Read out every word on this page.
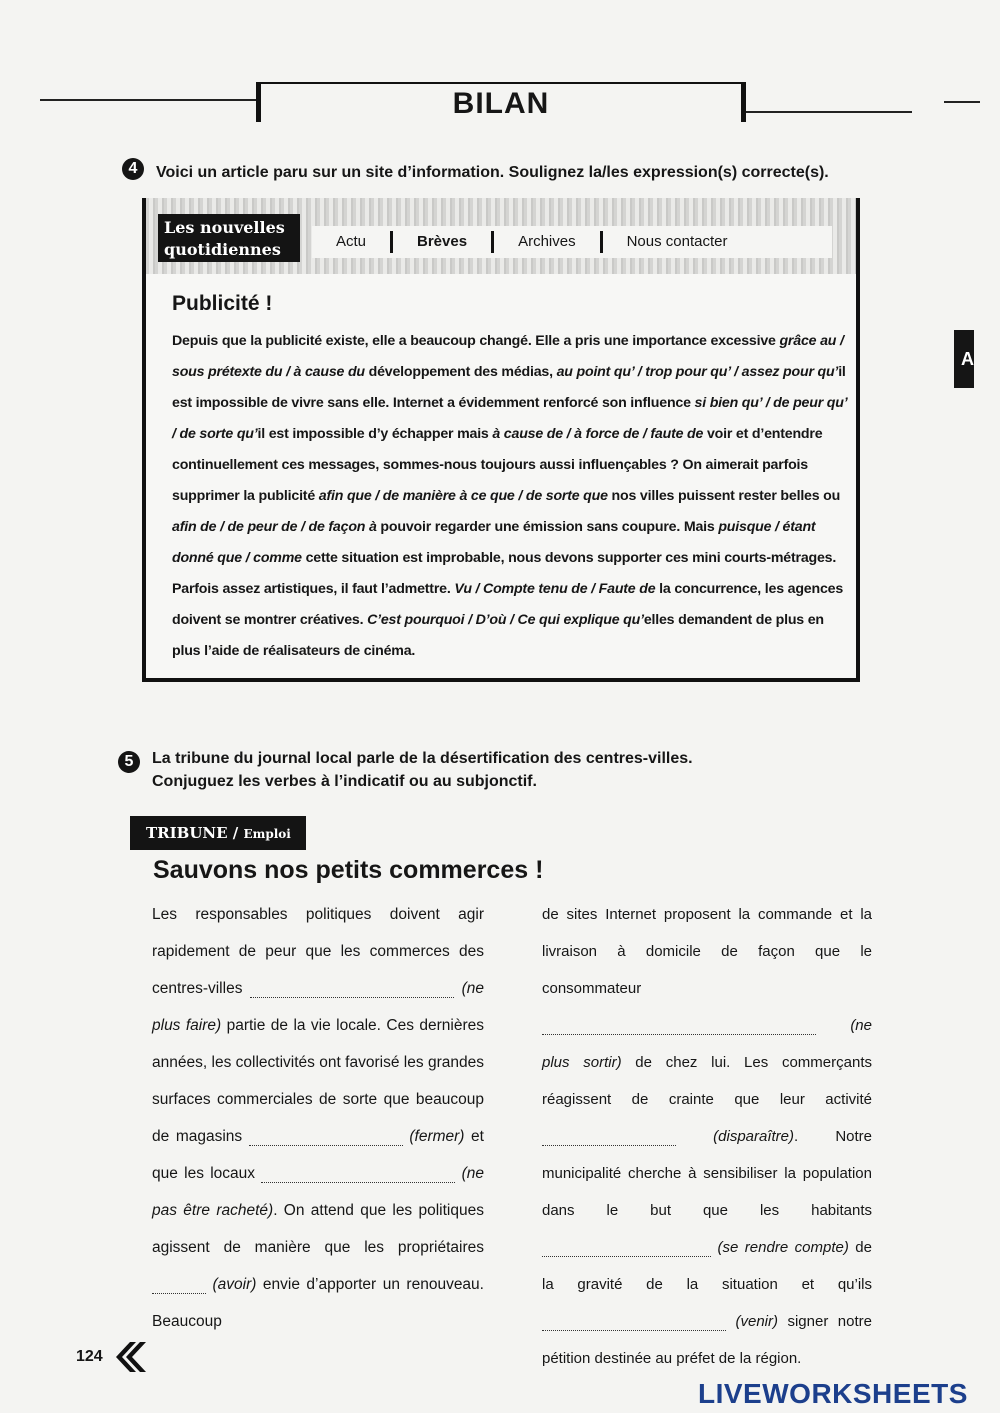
BILAN
A
4	Voici un article paru sur un site d’information. Soulignez la/les expression(s) correcte(s).
Les nouvelles
quotidiennes	Actu	Brèves	Archives	Nous contacter
Publicité !
Depuis que la publicité existe, elle a beaucoup changé. Elle a pris une importance excessive grâce au / sous prétexte du / à cause du développement des médias, au point qu’ / trop pour qu’ / assez pour qu’il est impossible de vivre sans elle. Internet a évidemment renforcé son influence si bien qu’ / de peur qu’ / de sorte qu’il est impossible d’y échapper mais à cause de / à force de / faute de voir et d’entendre continuellement ces messages, sommes-nous toujours aussi influençables ? On aimerait parfois supprimer la publicité afin que / de manière à ce que / de sorte que nos villes puissent rester belles ou afin de / de peur de / de façon à pouvoir regarder une émission sans coupure. Mais puisque / étant donné que / comme cette situation est improbable, nous devons supporter ces mini courts-métrages. Parfois assez artistiques, il faut l’admettre. Vu / Compte tenu de / Faute de la concurrence, les agences doivent se montrer créatives. C’est pourquoi / D’où / Ce qui explique qu’elles demandent de plus en plus l’aide de réalisateurs de cinéma.
5	La tribune du journal local parle de la désertification des centres-villes.
Conjuguez les verbes à l’indicatif ou au subjonctif.
TRIBUNE / Emploi
Sauvons nos petits commerces !
Les responsables politiques doivent agir rapidement de peur que les commerces des centres-villes	(ne plus faire) partie de la vie locale. Ces dernières années, les collectivités ont favorisé les grandes surfaces commerciales de sorte que beaucoup de magasins	(fermer) et que les locaux	(ne pas être racheté). On attend que les politiques agissent de manière que les propriétaires  (avoir) envie d’apporter un renouveau. Beaucoup
de sites Internet proposent la commande et la livraison à domicile de façon que le consommateur  (ne plus sortir) de chez lui. Les commerçants réagissent de crainte que leur activité  (disparaître). Notre municipalité cherche à sensibiliser la population dans le but que les habitants  (se rendre compte) de la gravité de la situation et qu’ils  (venir) signer notre pétition destinée au préfet de la région.
124
LIVEWORKSHEETS
